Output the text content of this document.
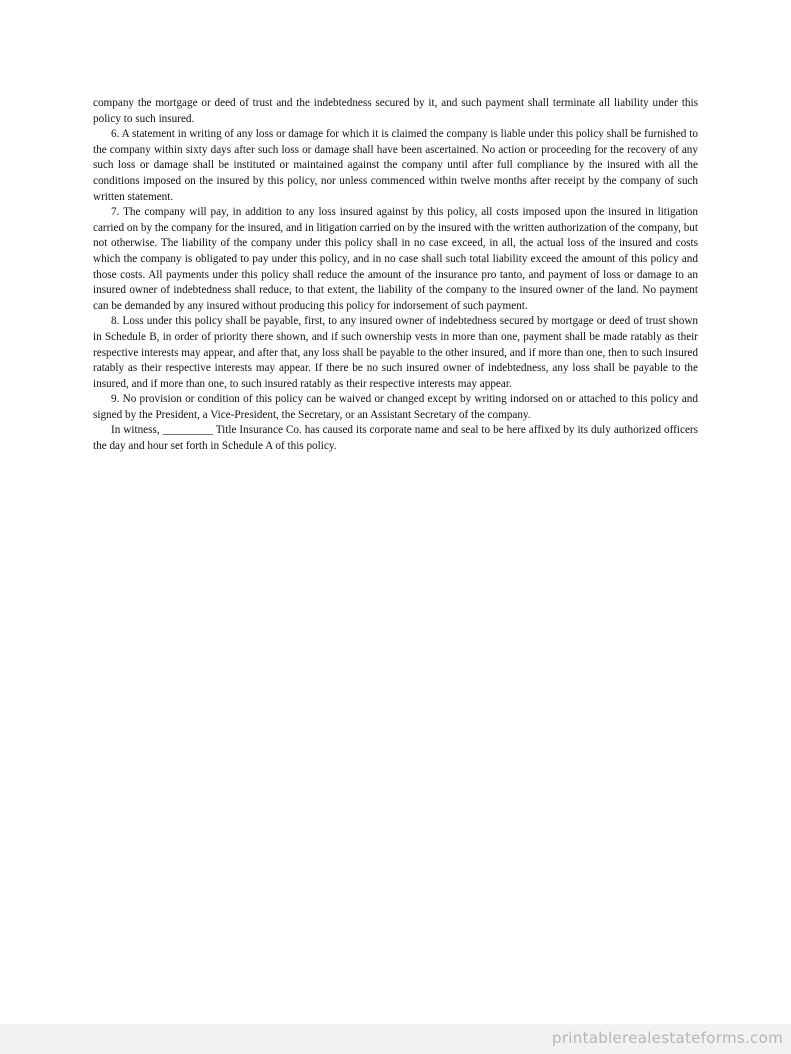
company the mortgage or deed of trust and the indebtedness secured by it, and such payment shall terminate all liability under this policy to such insured.

6. A statement in writing of any loss or damage for which it is claimed the company is liable under this policy shall be furnished to the company within sixty days after such loss or damage shall have been ascertained. No action or proceeding for the recovery of any such loss or damage shall be instituted or maintained against the company until after full compliance by the insured with all the conditions imposed on the insured by this policy, nor unless commenced within twelve months after receipt by the company of such written statement.

7. The company will pay, in addition to any loss insured against by this policy, all costs imposed upon the insured in litigation carried on by the company for the insured, and in litigation carried on by the insured with the written authorization of the company, but not otherwise. The liability of the company under this policy shall in no case exceed, in all, the actual loss of the insured and costs which the company is obligated to pay under this policy, and in no case shall such total liability exceed the amount of this policy and those costs. All payments under this policy shall reduce the amount of the insurance pro tanto, and payment of loss or damage to an insured owner of indebtedness shall reduce, to that extent, the liability of the company to the insured owner of the land. No payment can be demanded by any insured without producing this policy for indorsement of such payment.

8. Loss under this policy shall be payable, first, to any insured owner of indebtedness secured by mortgage or deed of trust shown in Schedule B, in order of priority there shown, and if such ownership vests in more than one, payment shall be made ratably as their respective interests may appear, and after that, any loss shall be payable to the other insured, and if more than one, then to such insured ratably as their respective interests may appear. If there be no such insured owner of indebtedness, any loss shall be payable to the insured, and if more than one, to such insured ratably as their respective interests may appear.

9. No provision or condition of this policy can be waived or changed except by writing indorsed on or attached to this policy and signed by the President, a Vice-President, the Secretary, or an Assistant Secretary of the company.

In witness, _________ Title Insurance Co. has caused its corporate name and seal to be here affixed by its duly authorized officers the day and hour set forth in Schedule A of this policy.

printablerealestateforms.com
